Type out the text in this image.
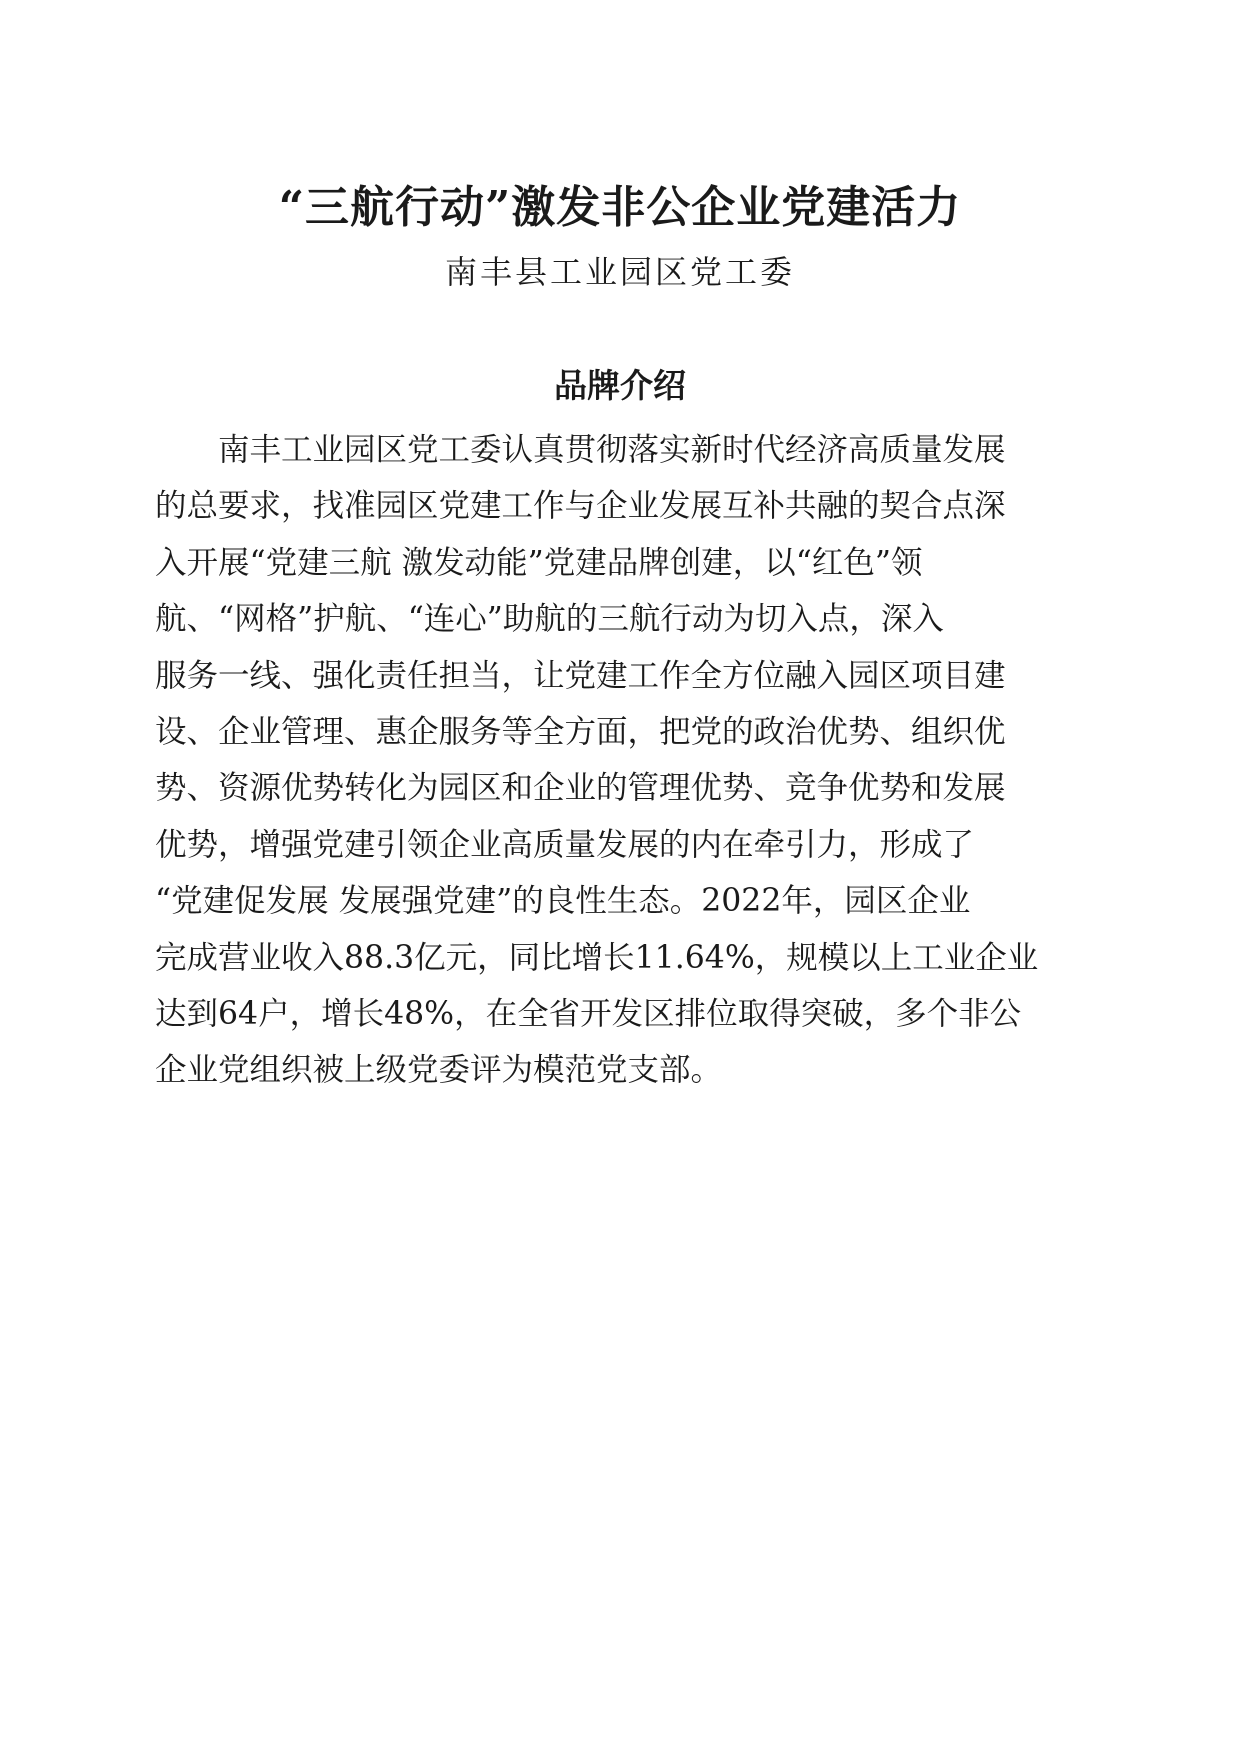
“三航行动”激发非公企业党建活力
南丰县工业园区党工委
品牌介绍
　　南丰工业园区党工委认真贯彻落实新时代经济高质量发展
的总要求，找准园区党建工作与企业发展互补共融的契合点深
入开展“党建三航 激发动能”党建品牌创建，以“红色”领
航、“网格”护航、“连心”助航的三航行动为切入点，深入
服务一线、强化责任担当，让党建工作全方位融入园区项目建
设、企业管理、惠企服务等全方面，把党的政治优势、组织优
势、资源优势转化为园区和企业的管理优势、竞争优势和发展
优势，增强党建引领企业高质量发展的内在牵引力，形成了
“党建促发展 发展强党建”的良性生态。2022年，园区企业
完成营业收入88.3亿元，同比增长11.64%，规模以上工业企业
达到64户，增长48%，在全省开发区排位取得突破，多个非公
企业党组织被上级党委评为模范党支部。
